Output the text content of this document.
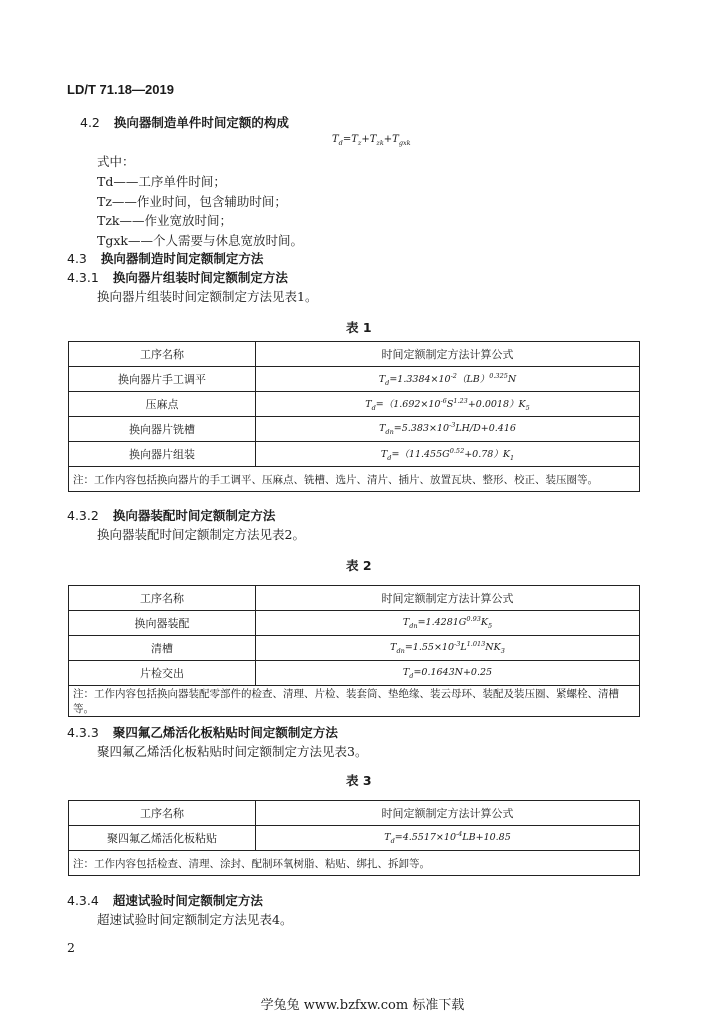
LD/T 71.18—2019
4.2 换向器制造单件时间定额的构成
$T_d=T_z+T_{zk}+T_{gxk}$
式中：
Td——工序单件时间；
Tz——作业时间，包含辅助时间；
Tzk——作业宽放时间；
Tgxk——个人需要与休息宽放时间。
4.3 换向器制造时间定额制定方法
4.3.1 换向器片组装时间定额制定方法
换向器片组装时间定额制定方法见表1。
表 1
工序名称	时间定额制定方法计算公式
换向器片手工调平	$T_d=1.3384\times 10^{-2}(LB)^{0.325}N$
压麻点	$T_d=(1.692\times 10^{-6}S^{1.23}+0.0018)K_5$
换向器片铣槽	$T_{dn}=5.383\times 10^{-3}LH/D+0.416$
换向器片组装	$T_d=(11.455G^{0.52}+0.78)K_1$
注：工作内容包括换向器片的手工调平、压麻点、铣槽、选片、清片、插片、放置瓦块、整形、校正、装压圈等。	
4.3.2 换向器装配时间定额制定方法
换向器装配时间定额制定方法见表2。
表 2
工序名称	时间定额制定方法计算公式
换向器装配	$T_{dn}=1.4281G^{0.93}K_5$
清槽	$T_{dn}=1.55\times 10^{-3}L^{1.013}NK_3$
片检交出	$T_d=0.1643N+0.25$
注：工作内容包括换向器装配零部件的检查、清理、片检、装套筒、垫绝缘、装云母环、装配及装压圈、紧螺栓、清槽等。	
4.3.3 聚四氟乙烯活化板粘贴时间定额制定方法
聚四氟乙烯活化板粘贴时间定额制定方法见表3。
表 3
工序名称	时间定额制定方法计算公式
聚四氟乙烯活化板粘贴	$T_d=4.5517\times 10^{-4}LB+10.85$
注：工作内容包括检查、清理、涂封、配制环氧树脂、粘贴、绑扎、拆卸等。	
4.3.4 超速试验时间定额制定方法
超速试验时间定额制定方法见表4。
2
学兔兔 www.bzfxw.com 标准下载
